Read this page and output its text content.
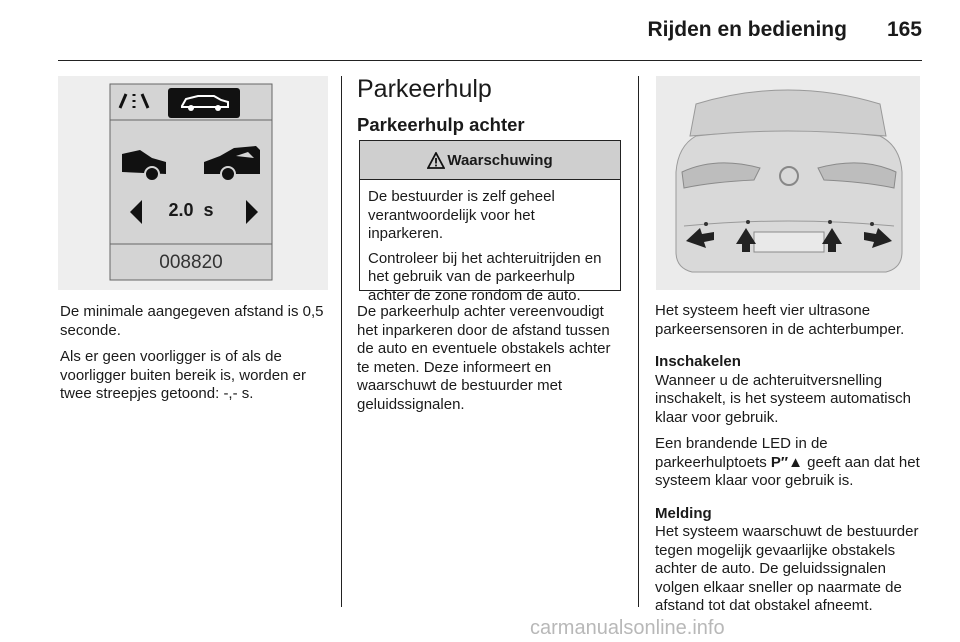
Rijden en bediening 165
2.0  s
008820

De minimale aangegeven afstand is 0,5 seconde.

Als er geen voorligger is of als de voorligger buiten bereik is, worden er twee streepjes getoond: -,- s.

Parkeerhulp
Parkeerhulp achter
Waarschuwing

De bestuurder is zelf geheel verantwoordelijk voor het inparkeren.

Controleer bij het achteruitrijden en het gebruik van de parkeerhulp achter de zone rondom de auto.

De parkeerhulp achter vereenvoudigt het inparkeren door de afstand tussen de auto en eventuele obstakels achter te meten. Deze informeert en waarschuwt de bestuurder met geluidssignalen.

Het systeem heeft vier ultrasone parkeersensoren in de achterbumper.

Inschakelen

Wanneer u de achteruitversnelling inschakelt, is het systeem automatisch klaar voor gebruik.

Een brandende LED in de parkeerhulptoets P″▲ geeft aan dat het systeem klaar voor gebruik is.

Melding

Het systeem waarschuwt de bestuurder tegen mogelijk gevaarlijke obstakels achter de auto. De geluidssignalen volgen elkaar sneller op naarmate de afstand tot dat obstakel afneemt.

carmanualsonline.info
